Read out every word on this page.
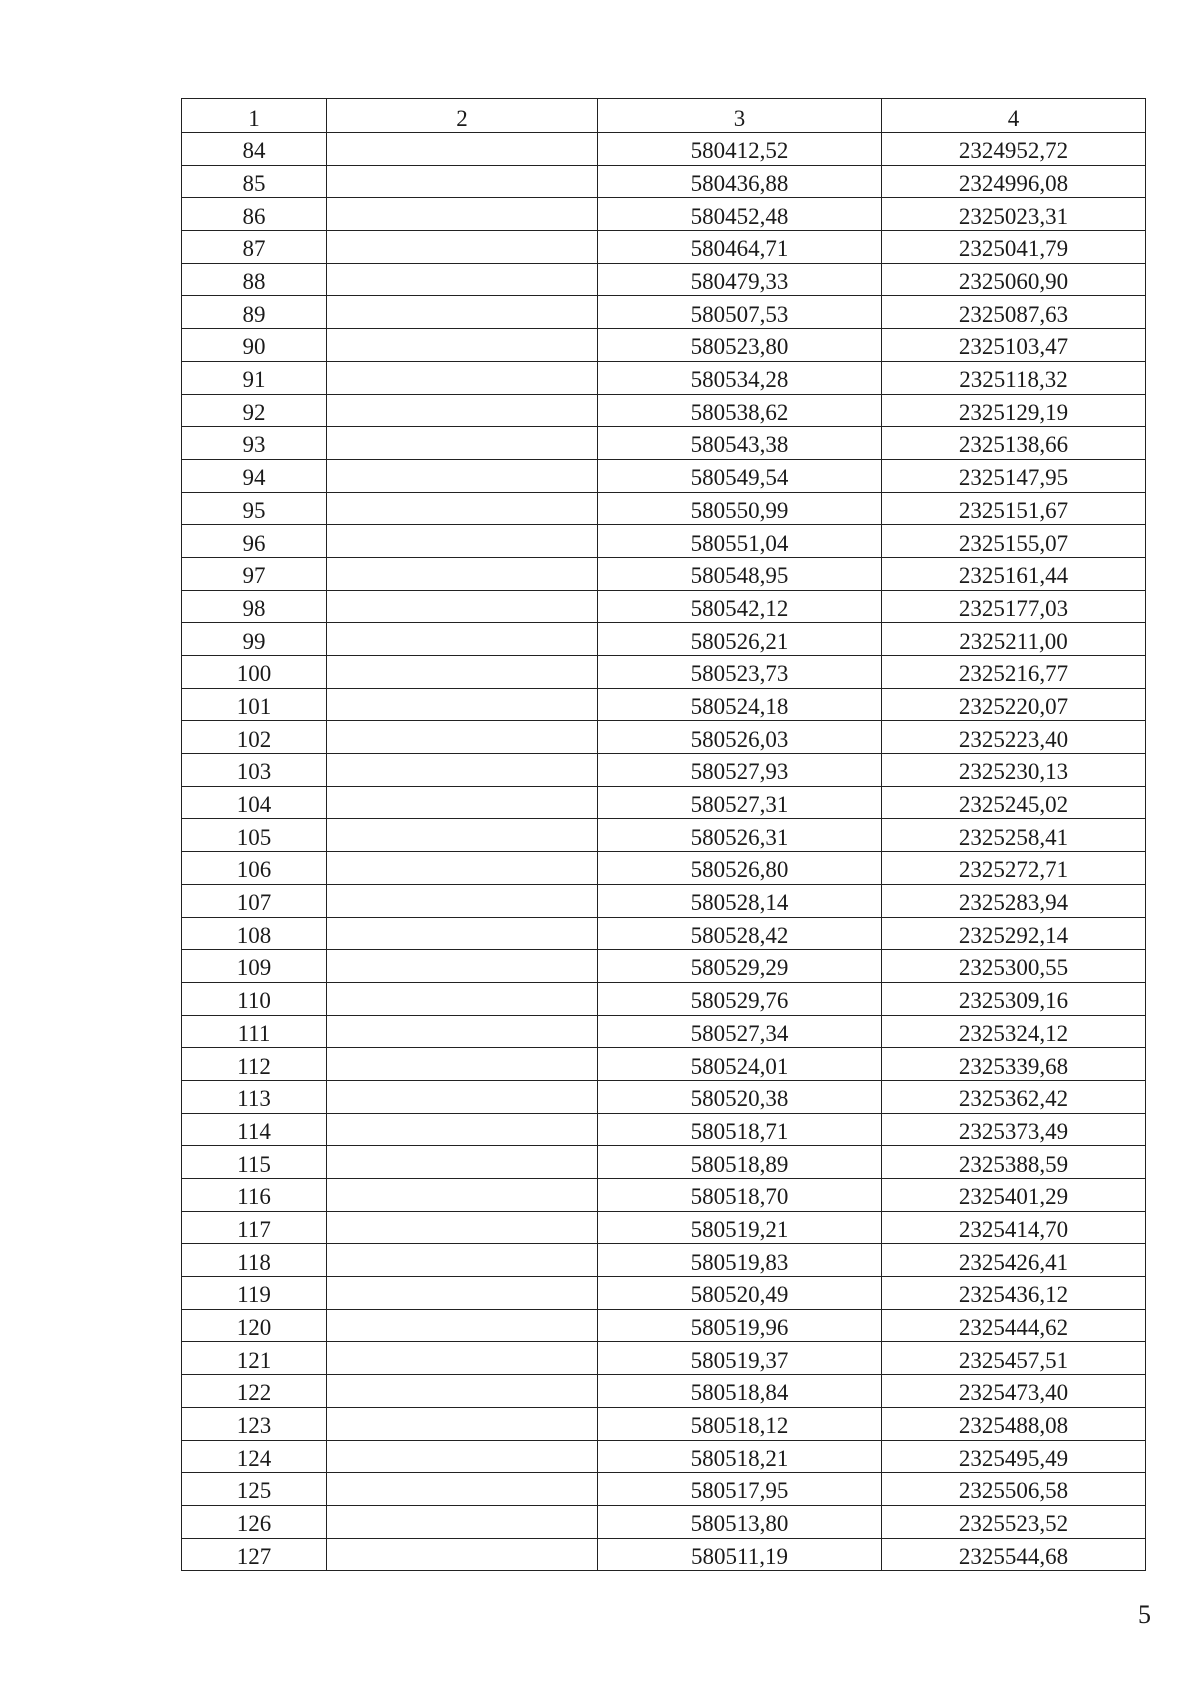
1	2	3	4
84		580412,52	2324952,72
85		580436,88	2324996,08
86		580452,48	2325023,31
87		580464,71	2325041,79
88		580479,33	2325060,90
89		580507,53	2325087,63
90		580523,80	2325103,47
91		580534,28	2325118,32
92		580538,62	2325129,19
93		580543,38	2325138,66
94		580549,54	2325147,95
95		580550,99	2325151,67
96		580551,04	2325155,07
97		580548,95	2325161,44
98		580542,12	2325177,03
99		580526,21	2325211,00
100		580523,73	2325216,77
101		580524,18	2325220,07
102		580526,03	2325223,40
103		580527,93	2325230,13
104		580527,31	2325245,02
105		580526,31	2325258,41
106		580526,80	2325272,71
107		580528,14	2325283,94
108		580528,42	2325292,14
109		580529,29	2325300,55
110		580529,76	2325309,16
111		580527,34	2325324,12
112		580524,01	2325339,68
113		580520,38	2325362,42
114		580518,71	2325373,49
115		580518,89	2325388,59
116		580518,70	2325401,29
117		580519,21	2325414,70
118		580519,83	2325426,41
119		580520,49	2325436,12
120		580519,96	2325444,62
121		580519,37	2325457,51
122		580518,84	2325473,40
123		580518,12	2325488,08
124		580518,21	2325495,49
125		580517,95	2325506,58
126		580513,80	2325523,52
127		580511,19	2325544,68
5
